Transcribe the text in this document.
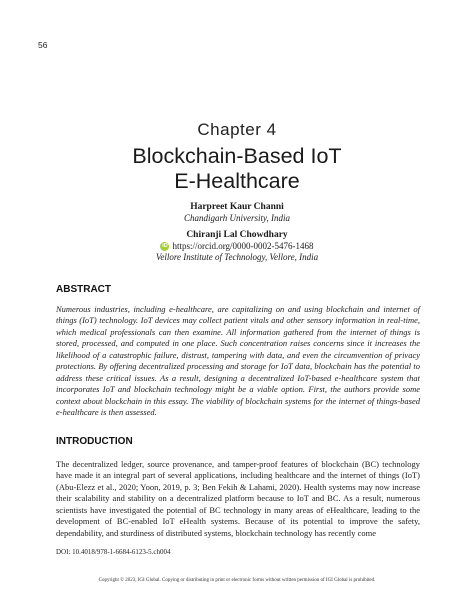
56
Chapter 4
Blockchain-Based IoT
E-Healthcare
Harpreet Kaur Channi
Chandigarh University, India
Chiranji Lal Chowdhary
iD https://orcid.org/0000-0002-5476-1468
Vellore Institute of Technology, Vellore, India
ABSTRACT
Numerous industries, including e-healthcare, are capitalizing on and using blockchain and internet of things (IoT) technology. IoT devices may collect patient vitals and other sensory information in real-time, which medical professionals can then examine. All information gathered from the internet of things is stored, processed, and computed in one place. Such concentration raises concerns since it increases the likelihood of a catastrophic failure, distrust, tampering with data, and even the circumvention of privacy protections. By offering decentralized processing and storage for IoT data, blockchain has the potential to address these critical issues. As a result, designing a decentralized IoT-based e-healthcare system that incorporates IoT and blockchain technology might be a viable option. First, the authors provide some context about blockchain in this essay. The viability of blockchain systems for the internet of things-based e-healthcare is then assessed.
INTRODUCTION
The decentralized ledger, source provenance, and tamper-proof features of blockchain (BC) technology have made it an integral part of several applications, including healthcare and the internet of things (IoT) (Abu-Elezz et al., 2020; Yoon, 2019, p. 3; Ben Fekih & Lahami, 2020). Health systems may now increase their scalability and stability on a decentralized platform because to IoT and BC. As a result, numerous scientists have investigated the potential of BC technology in many areas of eHealthcare, leading to the development of BC-enabled IoT eHealth systems. Because of its potential to improve the safety, dependability, and sturdiness of distributed systems, blockchain technology has recently come
DOI: 10.4018/978-1-6684-6123-5.ch004
Copyright © 2023, IGI Global. Copying or distributing in print or electronic forms without written permission of IGI Global is prohibited.
